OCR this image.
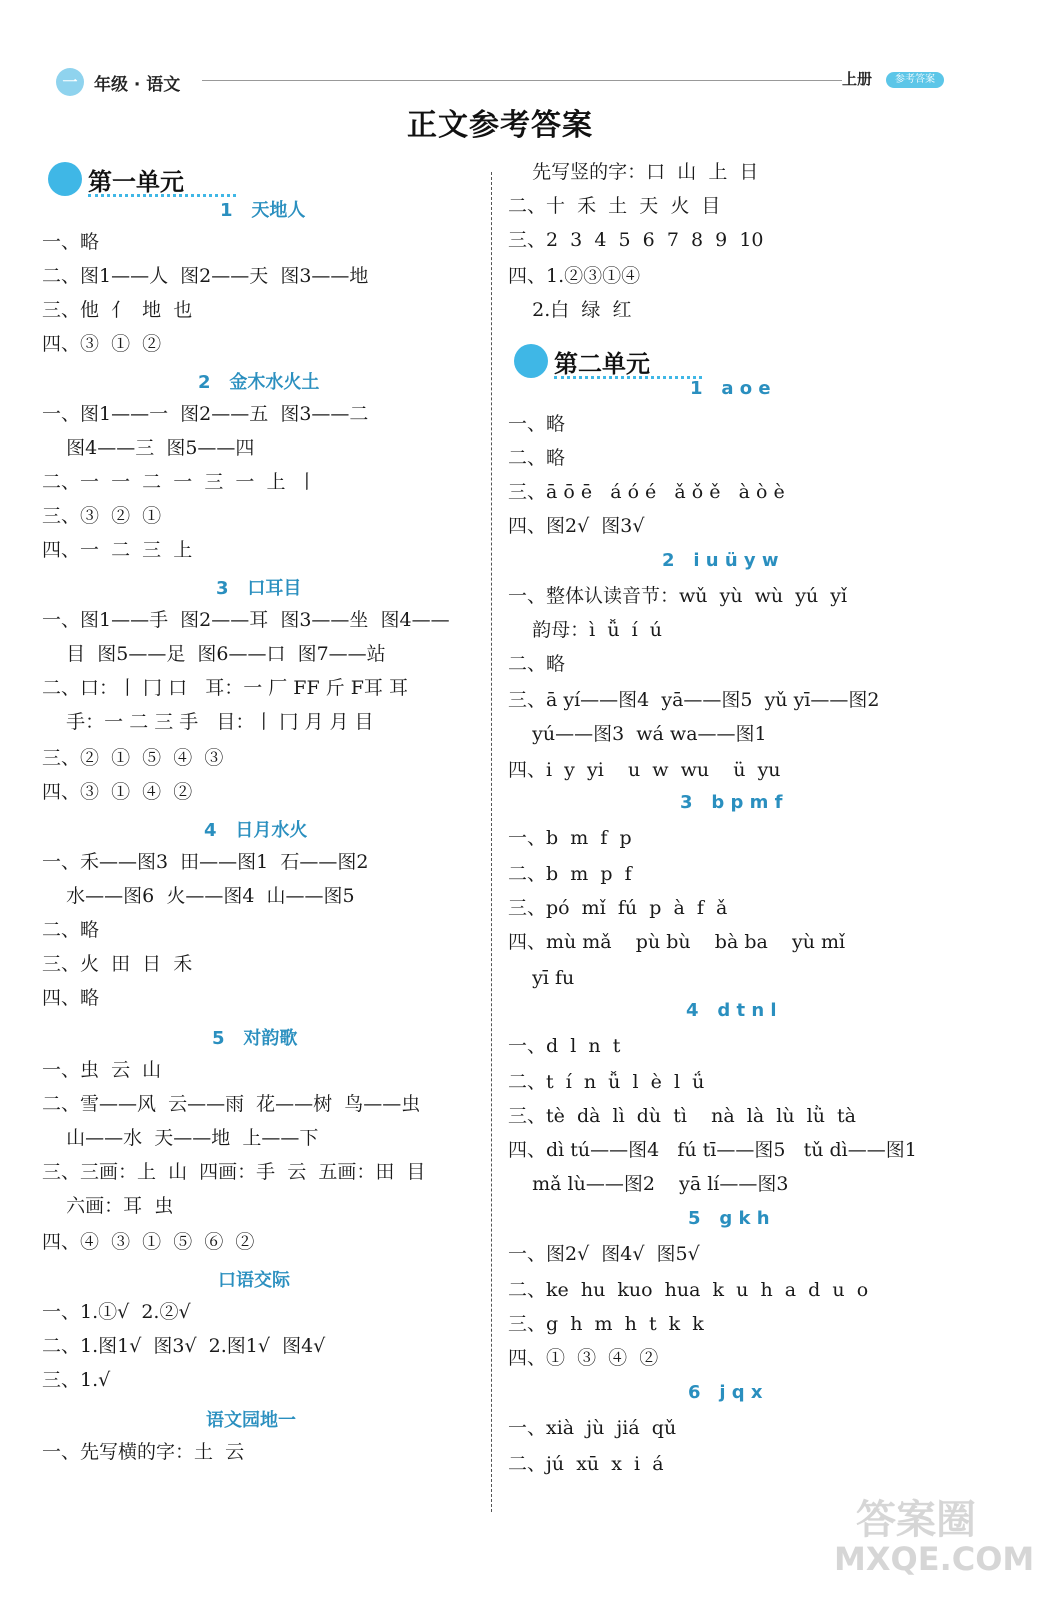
一 年级 · 语文	上册	参考答案
正文参考答案
第一单元
1   天地人
一、略
二、图1——人  图2——天  图3——地
三、他  亻  地  也
四、③  ①  ②
2   金木水火土
一、图1——一  图2——五  图3——二
图4——三  图5——四
二、一  一  二  一  三  一  上  丨
三、③  ②  ①
四、一  二  三  上
3   口耳目
一、图1——手  图2——耳  图3——坐  图4——
目  图5——足  图6——口  图7——站
二、口：丨 冂 口   耳：一 厂 FF 斤 F耳 耳
手：一 二 三 手   目：丨 冂 月 月 目
三、②  ①  ⑤  ④  ③
四、③  ①  ④  ②
4   日月水火
一、禾——图3  田——图1  石——图2
水——图6  火——图4  山——图5
二、略
三、火  田  日  禾
四、略
5   对韵歌
一、虫  云  山
二、雪——风  云——雨  花——树  鸟——虫
山——水  天——地  上——下
三、三画：上  山  四画：手  云  五画：田  目
六画：耳  虫
四、④  ③  ①  ⑤  ⑥  ②
口语交际
一、1.①√  2.②√
二、1.图1√  图3√  2.图1√  图4√
三、1.√
语文园地一
一、先写横的字：土  云
先写竖的字：口  山  上  日
二、十  禾  土  天  火  目
三、2  3  4  5  6  7  8  9  10
四、1.②③①④
2.白  绿  红
第二单元
1   a o e
一、略
二、略
三、ā ō ē   á ó é   ǎ ǒ ě   à ò è
四、图2√  图3√
2   i u ü y w
一、整体认读音节：wǔ  yù  wù  yú  yǐ
韵母：ì  ǚ  í  ú
二、略
三、ā yí——图4  yā——图5  yǔ yī——图2
yú——图3  wá wa——图1
四、i  y  yi    u  w  wu    ü  yu
3   b p m f
一、b  m  f  p
二、b  m  p  f
三、pó  mǐ  fú  p  à  f  ǎ
四、mù mǎ    pù bù    bà ba    yù mǐ
yī fu
4   d t n l
一、d  l  n  t
二、t  í  n  ǚ  l  è  l  ǘ
三、tè  dà  lì  dù  tì    nà  là  lù  lǜ  tà
四、dì tú——图4   fú tī——图5   tǔ dì——图1
mǎ lù——图2    yā lí——图3
5   g k h
一、图2√  图4√  图5√
二、ke  hu  kuo  hua  k  u  h  a  d  u  o
三、g  h  m  h  t  k  k
四、①  ③  ④  ②
6   j q x
一、xià  jù  jiá  qǔ
二、jú  xū  x  i  á
答案圈
MXQE.COM
